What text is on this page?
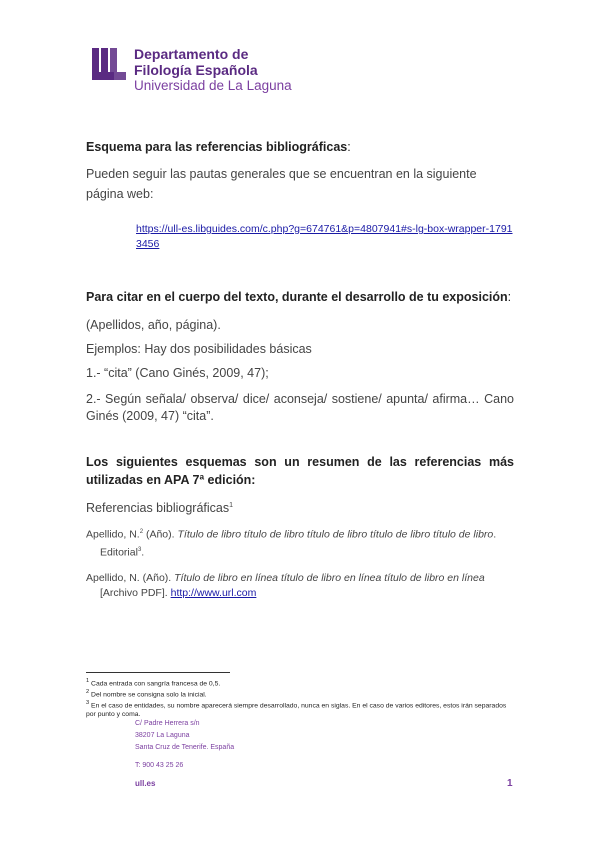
Departamento de
Filología Española
Universidad de La Laguna
Esquema para las referencias bibliográficas:
Pueden seguir las pautas generales que se encuentran en la siguiente página web:
https://ull-es.libguides.com/c.php?g=674761&p=4807941#s-lg-box-wrapper-17913456
Para citar en el cuerpo del texto, durante el desarrollo de tu exposición:
(Apellidos, año, página).
Ejemplos: Hay dos posibilidades básicas
1.- “cita” (Cano Ginés, 2009, 47);
2.- Según señala/ observa/ dice/ aconseja/ sostiene/ apunta/ afirma… Cano Ginés (2009, 47) “cita”.
Los siguientes esquemas son un resumen de las referencias más utilizadas en APA 7ª edición:
Referencias bibliográficas$^1$
Apellido, N.$^2$ (Año). Título de libro título de libro título de libro título de libro título de libro. Editorial$^3$.
Apellido, N. (Año). Título de libro en línea título de libro en línea título de libro en línea [Archivo PDF]. http://www.url.com
$^1$ Cada entrada con sangría francesa de 0,5.
$^2$ Del nombre se consigna solo la inicial.
$^3$ En el caso de entidades, su nombre aparecerá siempre desarrollado, nunca en siglas. En el caso de varios editores, estos irán separados por punto y coma.
C/ Padre Herrera s/n
38207 La Laguna
Santa Cruz de Tenerife. España
T: 900 43 25 26
ull.es	1
